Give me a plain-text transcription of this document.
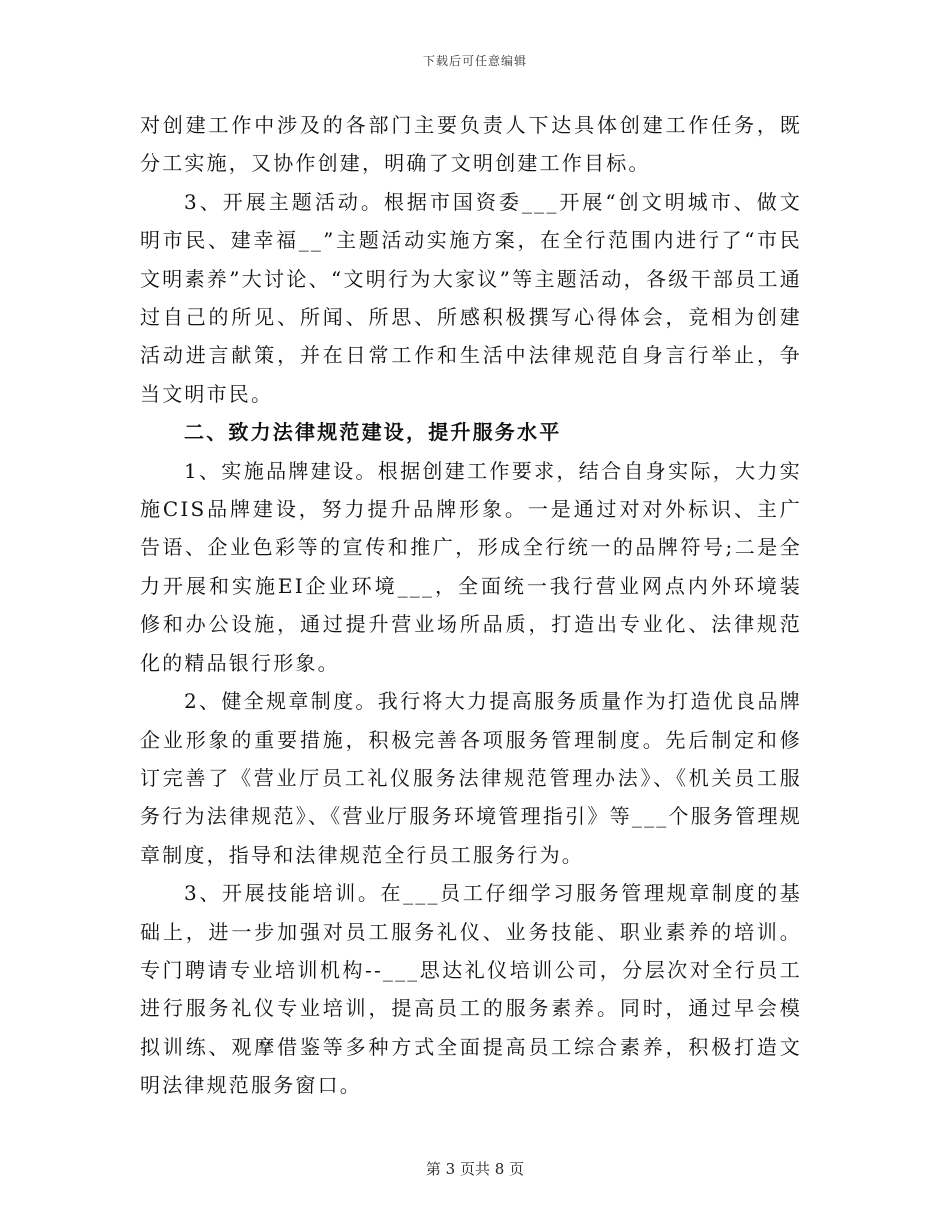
下载后可任意编辑

对创建工作中涉及的各部门主要负责人下达具体创建工作任务，既分工实施，又协作创建，明确了文明创建工作目标。

3、开展主题活动。根据市国资委___开展“创文明城市、做文明市民、建幸福__”主题活动实施方案，在全行范围内进行了“市民文明素养”大讨论、“文明行为大家议”等主题活动，各级干部员工通过自己的所见、所闻、所思、所感积极撰写心得体会，竞相为创建活动进言献策，并在日常工作和生活中法律规范自身言行举止，争当文明市民。

二、致力法律规范建设，提升服务水平

1、实施品牌建设。根据创建工作要求，结合自身实际，大力实施CIS品牌建设，努力提升品牌形象。一是通过对对外标识、主广告语、企业色彩等的宣传和推广，形成全行统一的品牌符号;二是全力开展和实施EI企业环境___，全面统一我行营业网点内外环境装修和办公设施，通过提升营业场所品质，打造出专业化、法律规范化的精品银行形象。

2、健全规章制度。我行将大力提高服务质量作为打造优良品牌企业形象的重要措施，积极完善各项服务管理制度。先后制定和修订完善了《营业厅员工礼仪服务法律规范管理办法》、《机关员工服务行为法律规范》、《营业厅服务环境管理指引》等___个服务管理规章制度，指导和法律规范全行员工服务行为。

3、开展技能培训。在___员工仔细学习服务管理规章制度的基础上，进一步加强对员工服务礼仪、业务技能、职业素养的培训。专门聘请专业培训机构--___思达礼仪培训公司，分层次对全行员工进行服务礼仪专业培训，提高员工的服务素养。同时，通过早会模拟训练、观摩借鉴等多种方式全面提高员工综合素养，积极打造文明法律规范服务窗口。

第 3 页共 8 页
